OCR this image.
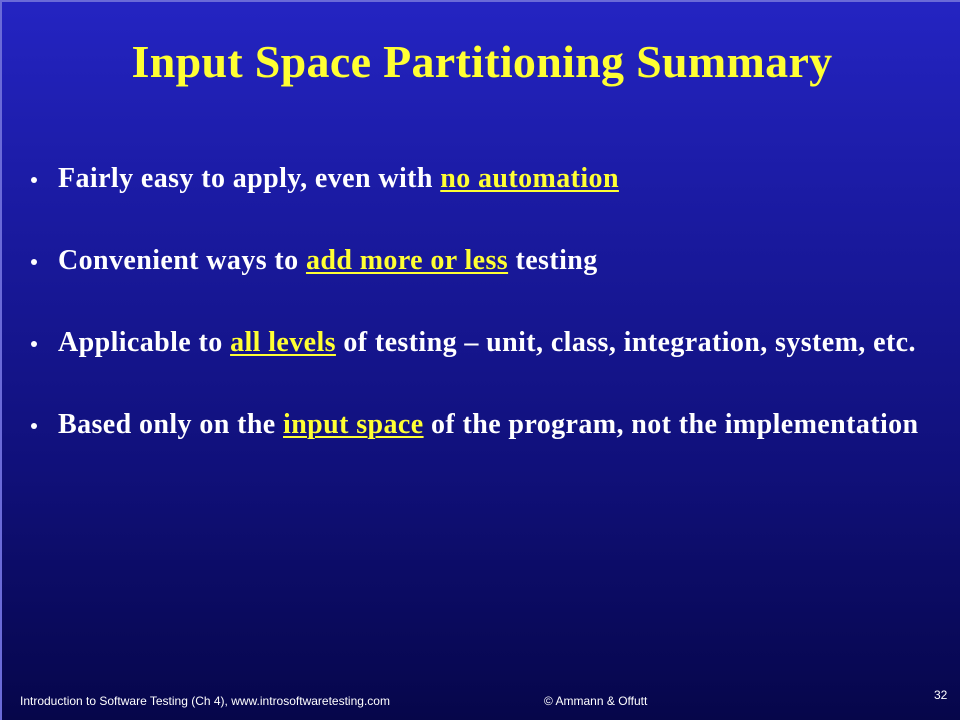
Input Space Partitioning Summary
Fairly easy to apply, even with no automation
Convenient ways to add more or less testing
Applicable to all levels of testing – unit, class, integration, system, etc.
Based only on the input space of the program, not the implementation
Introduction to Software Testing (Ch 4), www.introsoftwaretesting.com	© Ammann & Offutt	32
